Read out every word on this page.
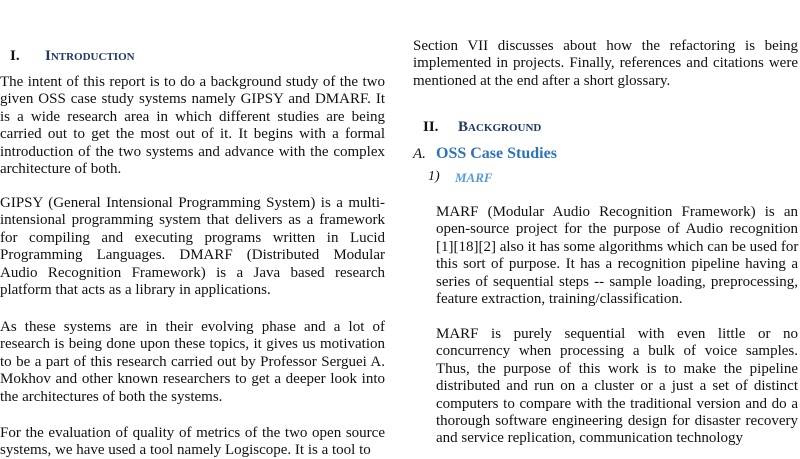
I. Introduction
The intent of this report is to do a background study of the two
given OSS case study systems namely GIPSY and DMARF. It
is a wide research area in which different studies are being
carried out to get the most out of it. It begins with a formal
introduction of the two systems and advance with the complex
architecture of both.
GIPSY (General Intensional Programming System) is a multi-
intensional programming system that delivers as a framework
for compiling and executing programs written in Lucid
Programming Languages. DMARF (Distributed Modular
Audio Recognition Framework) is a Java based research
platform that acts as a library in applications.
As these systems are in their evolving phase and a lot of
research is being done upon these topics, it gives us motivation
to be a part of this research carried out by Professor Serguei A.
Mokhov and other known researchers to get a deeper look into
the architectures of both the systems.
For the evaluation of quality of metrics of the two open source
systems, we have used a tool namely Logiscope. It is a tool to
II. Background
A. OSS Case Studies
1) MARF
Section VII discusses about how the refactoring is being
implemented in projects. Finally, references and citations were
mentioned at the end after a short glossary.
MARF (Modular Audio Recognition Framework) is an
open-source project for the purpose of Audio recognition
[1][18][2] also it has some algorithms which can be used for
this sort of purpose. It has a recognition pipeline having a
series of sequential steps -- sample loading, preprocessing,
feature extraction, training/classification.
MARF is purely sequential with even little or no
concurrency when processing a bulk of voice samples.
Thus, the purpose of this work is to make the pipeline
distributed and run on a cluster or a just a set of distinct
computers to compare with the traditional version and do a
thorough software engineering design for disaster recovery
and service replication, communication technology
